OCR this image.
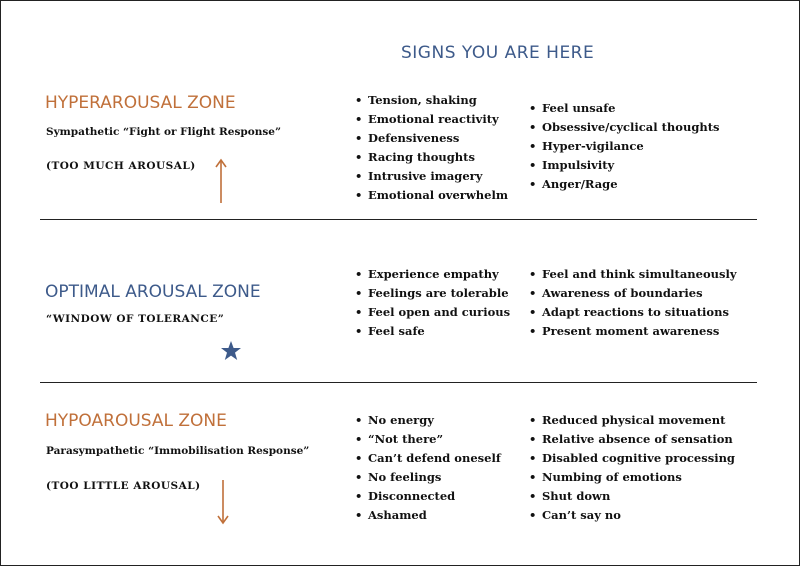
SIGNS YOU ARE HERE
HYPERAROUSAL ZONE
Sympathetic “Fight or Flight Response”
(TOO MUCH AROUSAL)
• Tension, shaking
• Emotional reactivity
• Defensiveness
• Racing thoughts
• Intrusive imagery
• Emotional overwhelm
• Feel unsafe
• Obsessive/cyclical thoughts
• Hyper-vigilance
• Impulsivity
• Anger/Rage
OPTIMAL AROUSAL ZONE
“WINDOW OF TOLERANCE”
• Experience empathy
• Feelings are tolerable
• Feel open and curious
• Feel safe
• Feel and think simultaneously
• Awareness of boundaries
• Adapt reactions to situations
• Present moment awareness
HYPOAROUSAL ZONE
Parasympathetic “Immobilisation Response”
(TOO LITTLE AROUSAL)
• No energy
• “Not there”
• Can’t defend oneself
• No feelings
• Disconnected
• Ashamed
• Reduced physical movement
• Relative absence of sensation
• Disabled cognitive processing
• Numbing of emotions
• Shut down
• Can’t say no
